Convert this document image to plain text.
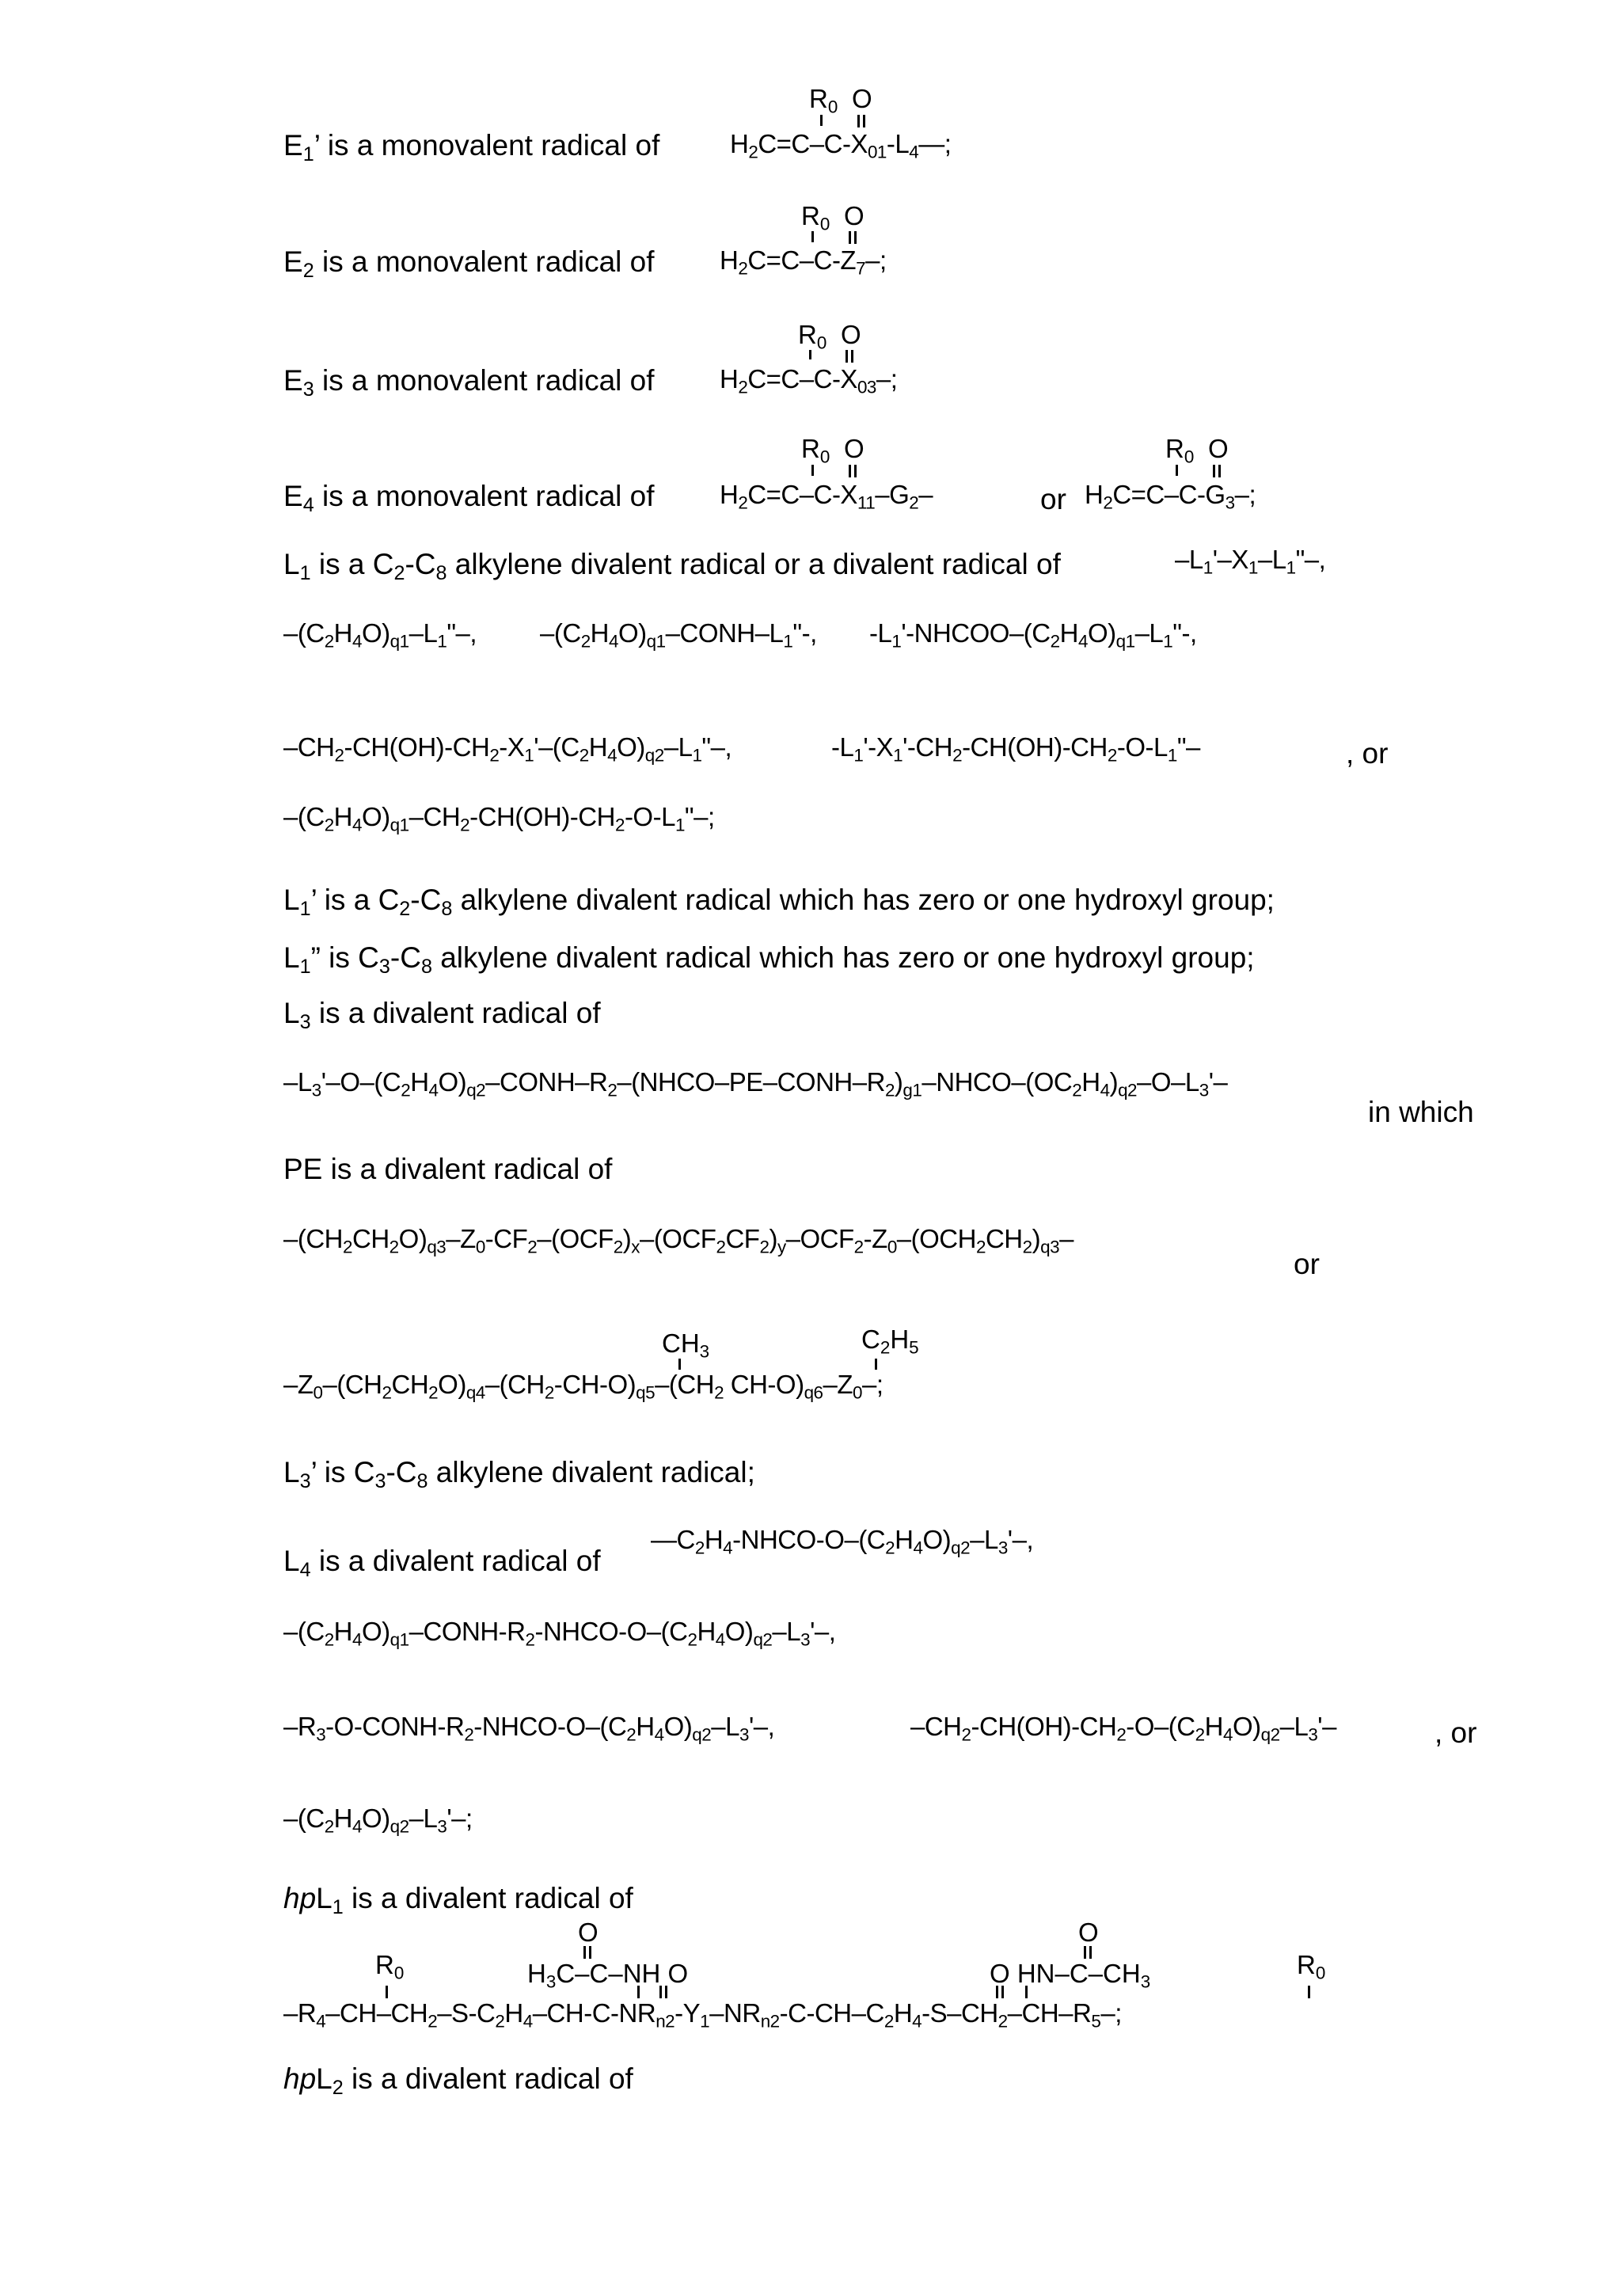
E1’ is a monovalent radical of
R0 O
H2C=C–C-X01-L4—;
E2 is a monovalent radical of
R0 O
H2C=C–C-Z7–;
E3 is a monovalent radical of
R0 O
H2C=C–C-X03–;
E4 is a monovalent radical of
R0 O
H2C=C–C-X11–G2–	or
R0 O
H2C=C–C-G3–;
L1 is a C2-C8 alkylene divalent radical or a divalent radical of	–L1'–X1–L1"–,
–(C2H4O)q1–L1"–, –(C2H4O)q1–CONH–L1"-, -L1'-NHCOO–(C2H4O)q1–L1"-,
–CH2-CH(OH)-CH2-X1'–(C2H4O)q2–L1"–,	-L1'-X1'-CH2-CH(OH)-CH2-O-L1"–	, or
–(C2H4O)q1–CH2-CH(OH)-CH2-O-L1"–;
L1’ is a C2-C8 alkylene divalent radical which has zero or one hydroxyl group;
L1” is C3-C8 alkylene divalent radical which has zero or one hydroxyl group;
L3 is a divalent radical of
–L3'–O–(C2H4O)q2–CONH–R2–(NHCO–PE–CONH–R2)g1–NHCO–(OC2H4)q2–O–L3'–
in which
PE is a divalent radical of
–(CH2CH2O)q3–Z0-CF2–(OCF2)x–(OCF2CF2)y–OCF2-Z0–(OCH2CH2)q3–
or
CH3	C2H5
–Z0–(CH2CH2O)q4–(CH2-CH-O)q5–(CH2 CH-O)q6–Z0–;
L3’ is C3-C8 alkylene divalent radical;
L4 is a divalent radical of
—C2H4-NHCO-O–(C2H4O)q2–L3'–,
–(C2H4O)q1–CONH-R2-NHCO-O–(C2H4O)q2–L3'–,
–R3-O-CONH-R2-NHCO-O–(C2H4O)q2–L3'–,	–CH2-CH(OH)-CH2-O–(C2H4O)q2–L3'–	, or
–(C2H4O)q2–L3'–;
hpL1 is a divalent radical of
O	O
R0	H3C–C–NH O	O HN–C–CH3
R0
–R4–CH–CH2–S-C2H4–CH-C-NRn2-Y1–NRn2-C-CH–C2H4-S–CH2–CH–R5–;
hpL2 is a divalent radical of
